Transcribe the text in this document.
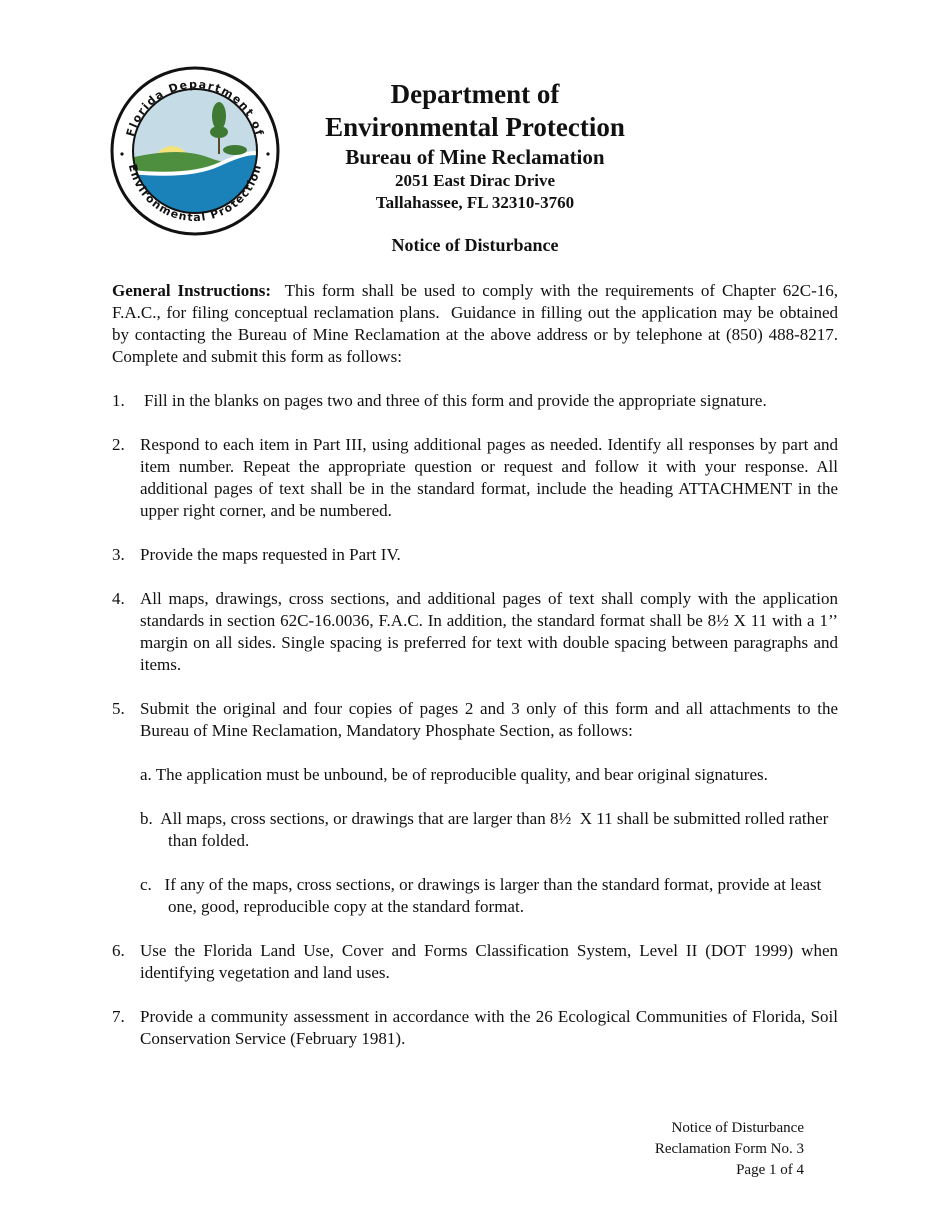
Florida Department of
Environmental Protection
Department of
Environmental Protection
Bureau of Mine Reclamation
2051 East Dirac Drive
Tallahassee, FL 32310-3760
Notice of Disturbance

General Instructions:  This form shall be used to comply with the requirements of Chapter 62C-16, F.A.C., for filing conceptual reclamation plans.  Guidance in filling out the application may be obtained by contacting the Bureau of Mine Reclamation at the above address or by telephone at (850) 488-8217.  Complete and submit this form as follows:

1.	Fill in the blanks on pages two and three of this form and provide the appropriate signature.
2. Respond to each item in Part III, using additional pages as needed. Identify all responses by part and item number. Repeat the appropriate question or request and follow it with your response. All additional pages of text shall be in the standard format, include the heading ATTACHMENT in the upper right corner, and be numbered.
3. Provide the maps requested in Part IV.
4. All maps, drawings, cross sections, and additional pages of text shall comply with the application standards in section 62C-16.0036, F.A.C. In addition, the standard format shall be 8½ X 11 with a 1’’ margin on all sides. Single spacing is preferred for text with double spacing between paragraphs and items.
5. Submit the original and four copies of pages 2 and 3 only of this form and all attachments to the Bureau of Mine Reclamation, Mandatory Phosphate Section, as follows:
a. The application must be unbound, be of reproducible quality, and bear original signatures.
b.  All maps, cross sections, or drawings that are larger than 8½  X 11 shall be submitted rolled rather than folded.
c.   If any of the maps, cross sections, or drawings is larger than the standard format, provide at least one, good, reproducible copy at the standard format.
6. Use the Florida Land Use, Cover and Forms Classification System, Level II (DOT 1999) when identifying vegetation and land uses.
7. Provide a community assessment in accordance with the 26 Ecological Communities of Florida, Soil Conservation Service (February 1981).
Notice of Disturbance
Reclamation Form No. 3
Page 1 of 4
